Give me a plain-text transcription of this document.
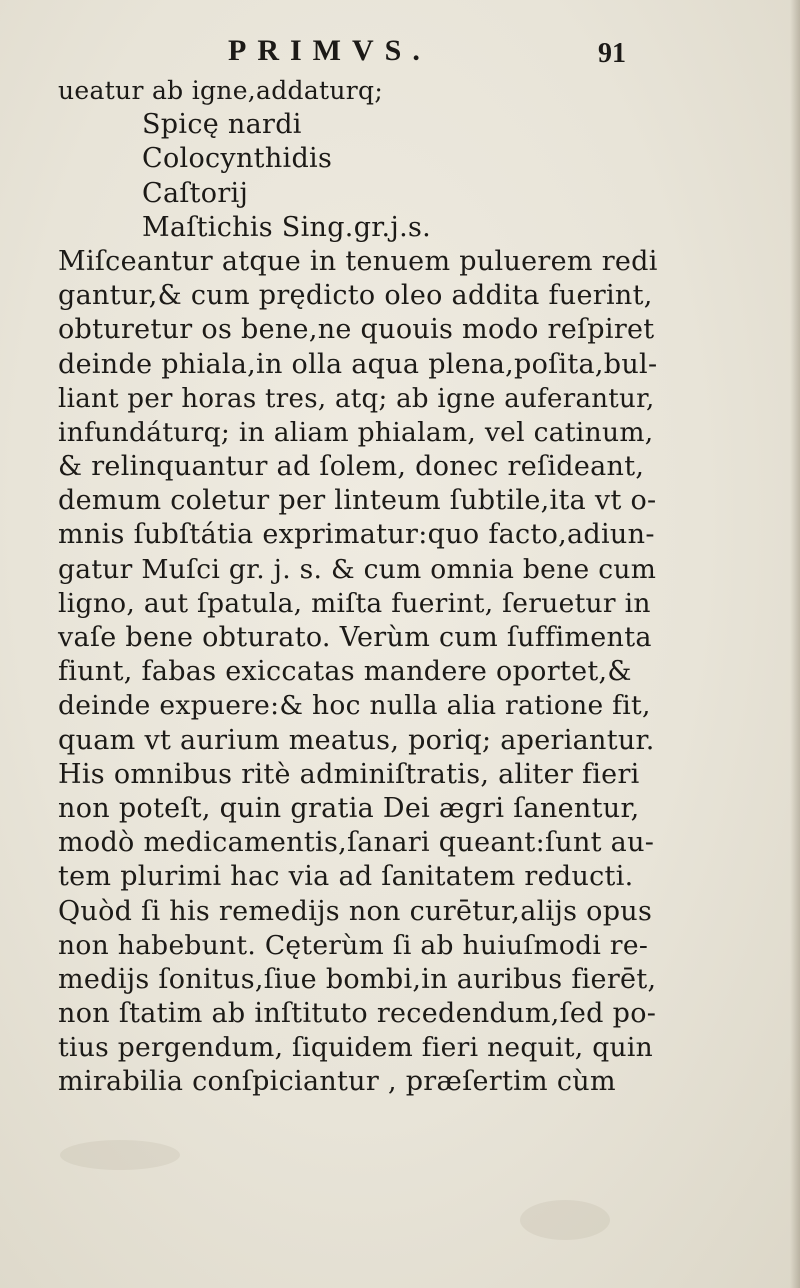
PRIMVS.	91
ueatur ab igne,addaturq;
Spicę nardi
Colocynthidis
Caſtorij
Maſtichis Sing.gr.j.s.
Miſceantur atque in tenuem puluerem redi
gantur,& cum prędicto oleo addita fuerint,
obturetur os bene,ne quouis modo reſpiret
deinde phiala,in olla aqua plena,poſita,bul-
liant per horas tres, atq; ab igne auferantur,
infundáturq; in aliam phialam, vel catinum,
& relinquantur ad ſolem, donec reſideant,
demum coletur per linteum ſubtile,ita vt o-
mnis ſubſtátia exprimatur:quo facto,adiun-
gatur Muſci gr. j. s. & cum omnia bene cum
ligno, aut ſpatula, miſta fuerint, ſeruetur in
vaſe bene obturato. Verùm cum ſuffimenta
fiunt, fabas exiccatas mandere oportet,&
deinde expuere:& hoc nulla alia ratione fit,
quam vt aurium meatus, poriq; aperiantur.
His omnibus ritè adminiſtratis, aliter fieri
non poteſt, quin gratia Dei ægri ſanentur,
modò medicamentis,ſanari queant:ſunt au-
tem plurimi hac via ad ſanitatem reducti.
Quòd ſi his remedijs non curētur,alijs opus
non habebunt. Cęterùm ſi ab huiuſmodi re-
medijs ſonitus,ſiue bombi,in auribus fierēt,
non ſtatim ab inſtituto recedendum,ſed po-
tius pergendum, ſiquidem fieri nequit, quin
mirabilia conſpiciantur , præſertim cùm
